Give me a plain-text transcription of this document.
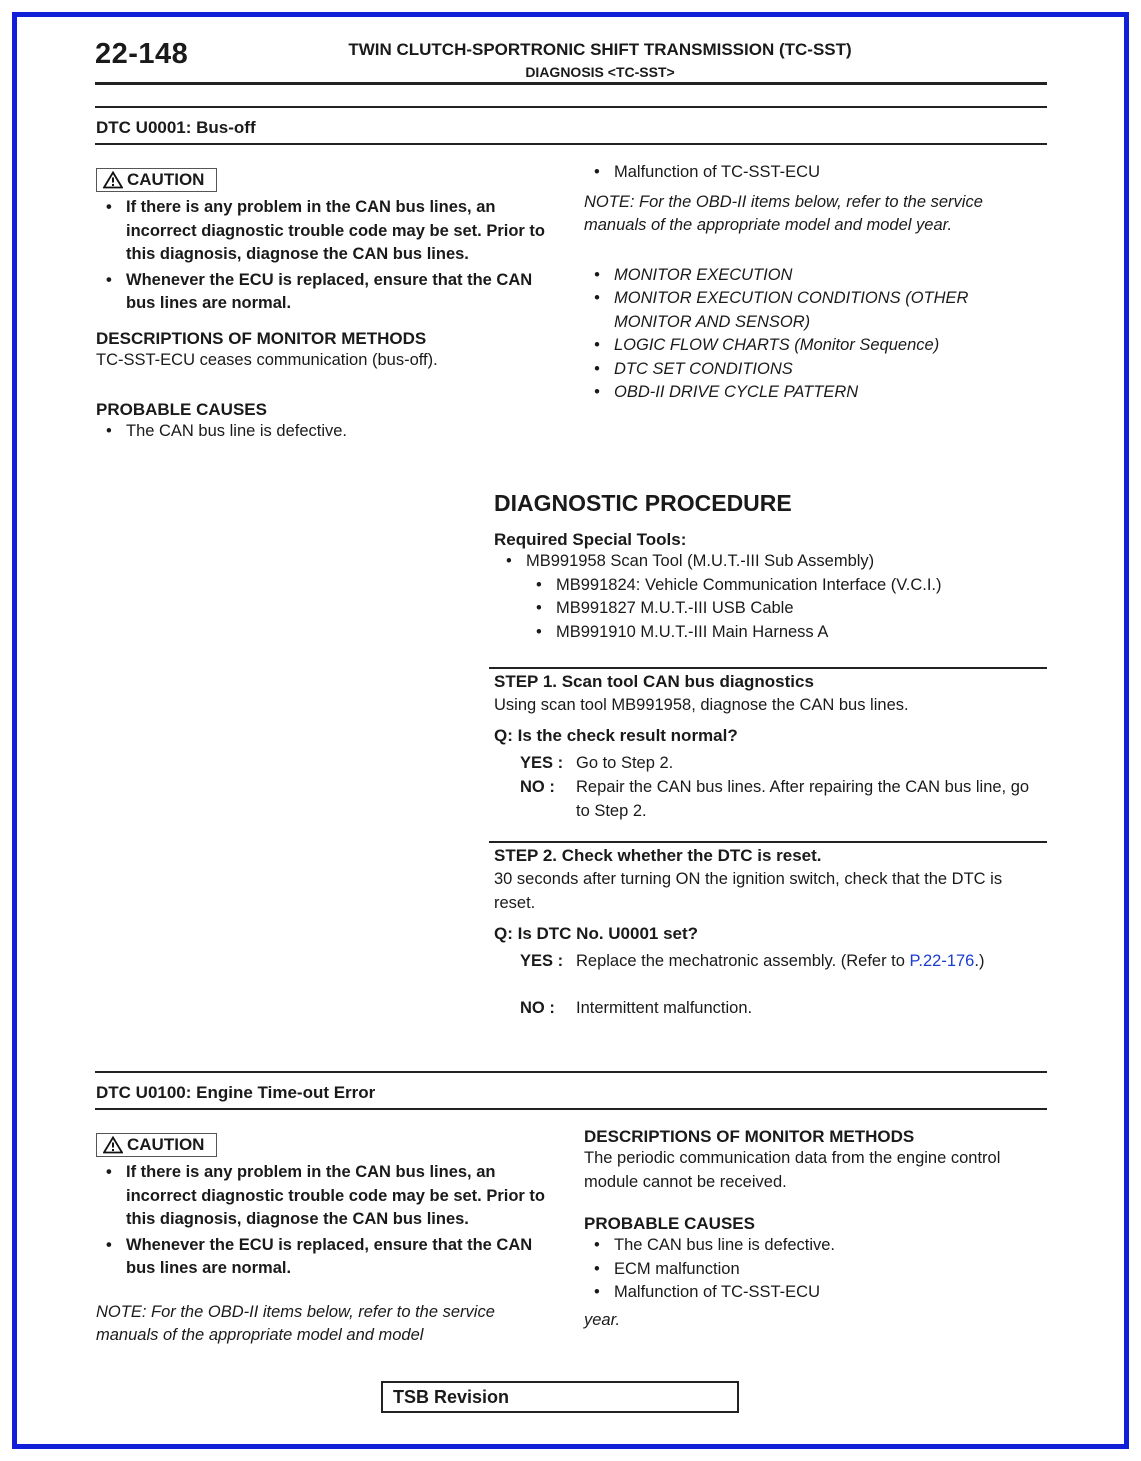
22-148	TWIN CLUTCH-SPORTRONIC SHIFT TRANSMISSION (TC-SST)
DIAGNOSIS <TC-SST>
DTC U0001: Bus-off
CAUTION
• If there is any problem in the CAN bus lines, an incorrect diagnostic trouble code may be set. Prior to this diagnosis, diagnose the CAN bus lines.
• Whenever the ECU is replaced, ensure that the CAN bus lines are normal.
DESCRIPTIONS OF MONITOR METHODS
TC-SST-ECU ceases communication (bus-off).
PROBABLE CAUSES
• The CAN bus line is defective.
• Malfunction of TC-SST-ECU
NOTE: For the OBD-II items below, refer to the service manuals of the appropriate model and model year.
• MONITOR EXECUTION
• MONITOR EXECUTION CONDITIONS (OTHER MONITOR AND SENSOR)
• LOGIC FLOW CHARTS (Monitor Sequence)
• DTC SET CONDITIONS
• OBD-II DRIVE CYCLE PATTERN
DIAGNOSTIC PROCEDURE
Required Special Tools:
• MB991958 Scan Tool (M.U.T.-III Sub Assembly)
• MB991824: Vehicle Communication Interface (V.C.I.)
• MB991827 M.U.T.-III USB Cable
• MB991910 M.U.T.-III Main Harness A
STEP 1. Scan tool CAN bus diagnostics
Using scan tool MB991958, diagnose the CAN bus lines.
Q: Is the check result normal?
YES : Go to Step 2.
NO : Repair the CAN bus lines. After repairing the CAN bus line, go to Step 2.
STEP 2. Check whether the DTC is reset.
30 seconds after turning ON the ignition switch, check that the DTC is reset.
Q: Is DTC No. U0001 set?
YES : Replace the mechatronic assembly. (Refer to P.22-176.)
NO : Intermittent malfunction.
DTC U0100: Engine Time-out Error
CAUTION
• If there is any problem in the CAN bus lines, an incorrect diagnostic trouble code may be set. Prior to this diagnosis, diagnose the CAN bus lines.
• Whenever the ECU is replaced, ensure that the CAN bus lines are normal.
NOTE: For the OBD-II items below, refer to the service manuals of the appropriate model and model
DESCRIPTIONS OF MONITOR METHODS
The periodic communication data from the engine control module cannot be received.
PROBABLE CAUSES
• The CAN bus line is defective.
• ECM malfunction
• Malfunction of TC-SST-ECU
year.
TSB Revision
